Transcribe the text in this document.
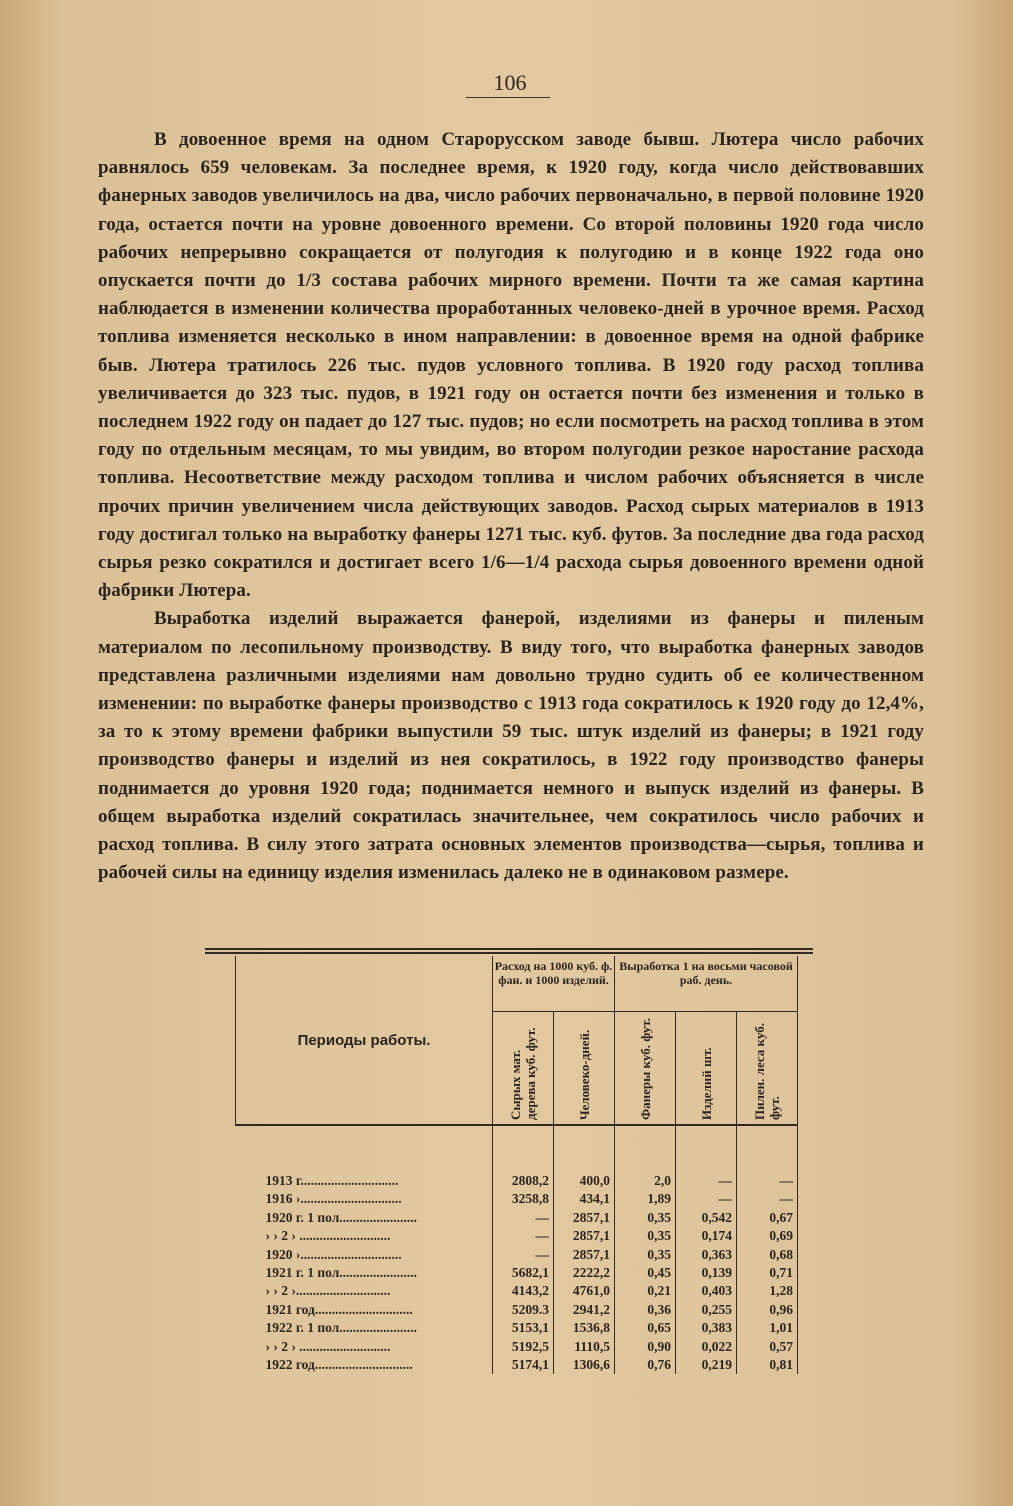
106

В довоенное время на одном Старорусском заводе бывш. Лютера число рабочих равнялось 659 человекам. За последнее время, к 1920 году, когда число действовавших фанерных заводов увеличилось на два, число рабочих первоначально, в первой половине 1920 года, остается почти на уровне довоенного времени. Со второй половины 1920 года число рабочих непрерывно сокращается от полугодия к полугодию и в конце 1922 года оно опускается почти до 1/3 состава рабочих мирного времени. Почти та же самая картина наблюдается в изменении количества проработанных человеко-дней в урочное время. Расход топлива изменяется несколько в ином направлении: в довоенное время на одной фабрике быв. Лютера тратилось 226 тыс. пудов условного топлива. В 1920 году расход топлива увеличивается до 323 тыс. пудов, в 1921 году он остается почти без изменения и только в последнем 1922 году он падает до 127 тыс. пудов; но если посмотреть на расход топлива в этом году по отдельным месяцам, то мы увидим, во втором полугодии резкое наростание расхода топлива. Несоответствие между расходом топлива и числом рабочих объясняется в числе прочих причин увеличением числа действующих заводов. Расход сырых материалов в 1913 году достигал только на выработку фанеры 1271 тыс. куб. футов. За последние два года расход сырья резко сократился и достигает всего 1/6—1/4 расхода сырья довоенного времени одной фабрики Лютера.

Выработка изделий выражается фанерой, изделиями из фанеры и пиленым материалом по лесопильному производству. В виду того, что выработка фанерных заводов представлена различными изделиями нам довольно трудно судить об ее количественном изменении: по выработке фанеры производство с 1913 года сократилось к 1920 году до 12,4%, за то к этому времени фабрики выпустили 59 тыс. штук изделий из фанеры; в 1921 году производство фанеры и изделий из нея сократилось, в 1922 году производство фанеры поднимается до уровня 1920 года; поднимается немного и выпуск изделий из фанеры. В общем выработка изделий сократилась значительнее, чем сократилось число рабочих и расход топлива. В силу этого затрата основных элементов производства—сырья, топлива и рабочей силы на единицу изделия изменилась далеко не в одинаковом размере.

Периоды работы.	Расход на 1000 куб. ф. фан. и 1000 изделий.		Выработка 1 на восьми часовой раб. день.		

	Сырых мат. дерева куб. фут.	Человеко-дней.	Фанеры куб. фут.	Изделий шт.	Пилен. леса куб. фут.

1913 г.............................	2808,2	400,0	2,0	—	—
1916 ›..............................	3258,8	434,1	1,89	—	—
1920 г. 1 пол.......................	—	2857,1	0,35	0,542	0,67
› › 2 › ...........................	—	2857,1	0,35	0,174	0,69
1920 ›..............................	—	2857,1	0,35	0,363	0,68
1921 г. 1 пол.......................	5682,1	2222,2	0,45	0,139	0,71
› › 2 ›............................	4143,2	4761,0	0,21	0,403	1,28
1921 год.............................	5209.3	2941,2	0,36	0,255	0,96
1922 г. 1 пол.......................	5153,1	1536,8	0,65	0,383	1,01
› › 2 › ...........................	5192,5	1110,5	0,90	0,022	0,57
1922 год.............................	5174,1	1306,6	0,76	0,219	0,81
